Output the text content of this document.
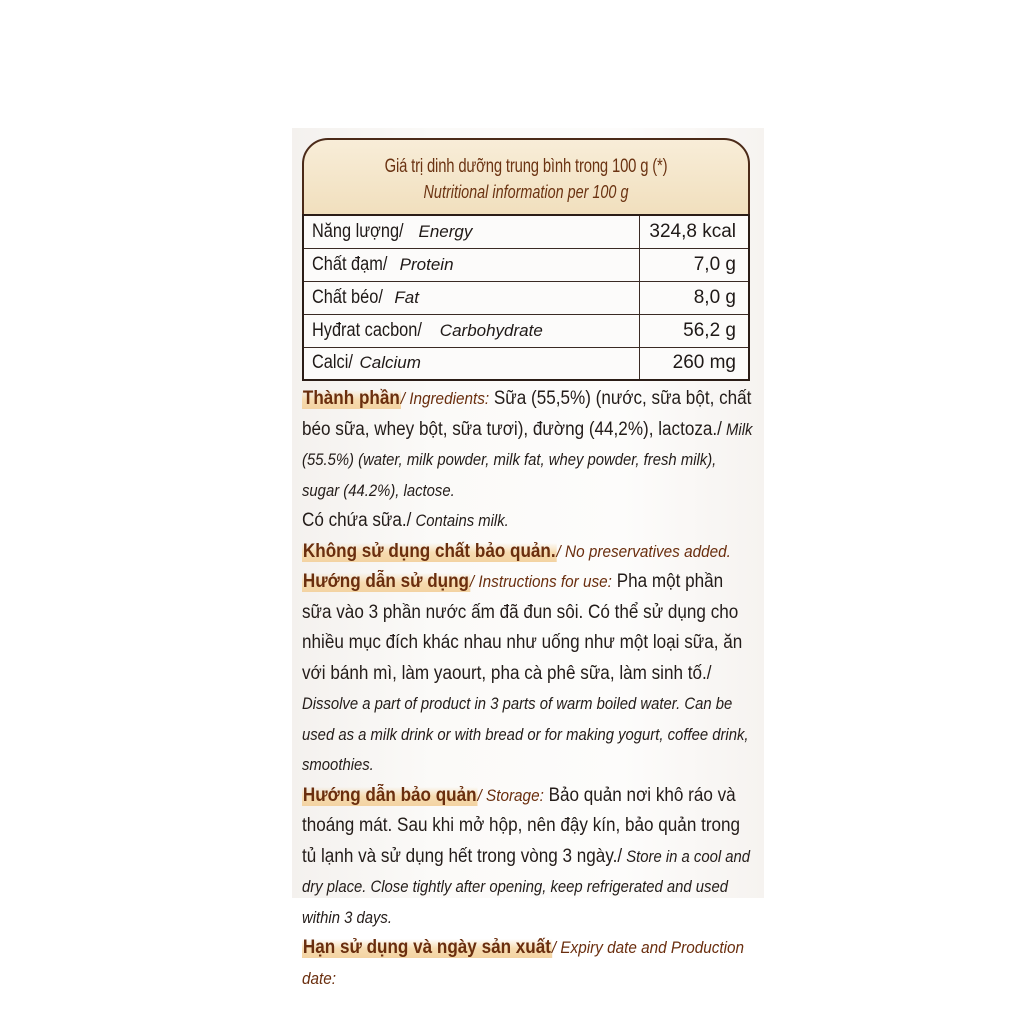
Giá trị dinh dưỡng trung bình trong 100 g (*)
Nutritional information per 100 g
Năng lượng/ Energy	324,8 kcal
Chất đạm/ Protein	7,0 g
Chất béo/ Fat	8,0 g
Hyđrat cacbon/ Carbohydrate	56,2 g
Calci/ Calcium	260 mg

Thành phần/ Ingredients: Sữa (55,5%) (nước, sữa bột, chất béo sữa, whey bột, sữa tươi), đường (44,2%), lactoza./ Milk (55.5%) (water, milk powder, milk fat, whey powder, fresh milk), sugar (44.2%), lactose.

Có chứa sữa./ Contains milk.

Không sử dụng chất bảo quản./ No preservatives added.

Hướng dẫn sử dụng/ Instructions for use: Pha một phần sữa vào 3 phần nước ấm đã đun sôi. Có thể sử dụng cho nhiều mục đích khác nhau như uống như một loại sữa, ăn với bánh mì, làm yaourt, pha cà phê sữa, làm sinh tố./ Dissolve a part of product in 3 parts of warm boiled water. Can be used as a milk drink or with bread or for making yogurt, coffee drink, smoothies.

Hướng dẫn bảo quản/ Storage: Bảo quản nơi khô ráo và thoáng mát. Sau khi mở hộp, nên đậy kín, bảo quản trong tủ lạnh và sử dụng hết trong vòng 3 ngày./ Store in a cool and dry place. Close tightly after opening, keep refrigerated and used within 3 days.

Hạn sử dụng và ngày sản xuất/ Expiry date and Production date:
